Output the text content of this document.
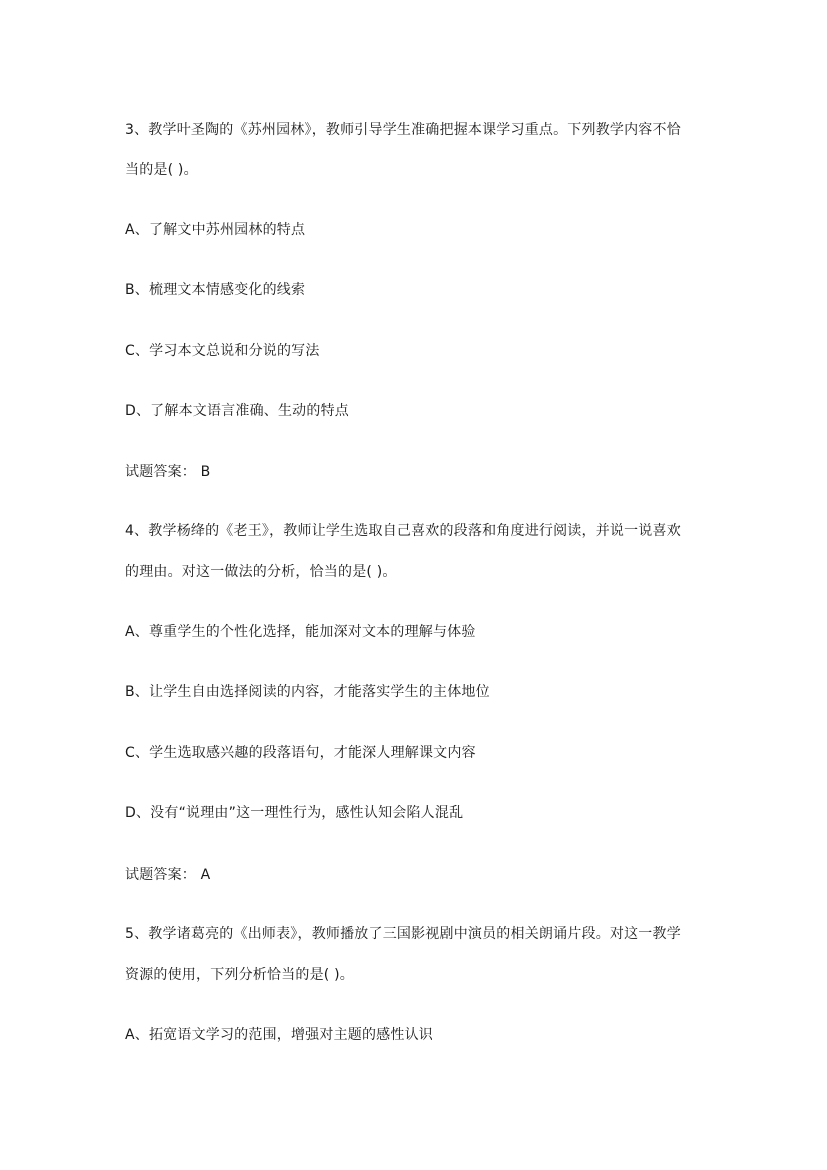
3、教学叶圣陶的《苏州园林》，教师引导学生准确把握本课学习重点。下列教学内容不恰
当的是( )。
A、了解文中苏州园林的特点
B、梳理文本情感变化的线索
C、学习本文总说和分说的写法
D、了解本文语言准确、生动的特点
试题答案： B
4、教学杨绛的《老王》，教师让学生选取自己喜欢的段落和角度进行阅读，并说一说喜欢
的理由。对这一做法的分析，恰当的是( )。
A、尊重学生的个性化选择，能加深对文本的理解与体验
B、让学生自由选择阅读的内容，才能落实学生的主体地位
C、学生选取感兴趣的段落语句，才能深人理解课文内容
D、没有“说理由”这一理性行为，感性认知会陷人混乱
试题答案： A
5、教学诸葛亮的《出师表》，教师播放了三国影视剧中演员的相关朗诵片段。对这一教学
资源的使用，下列分析恰当的是( )。
A、拓宽语文学习的范围，增强对主题的感性认识
